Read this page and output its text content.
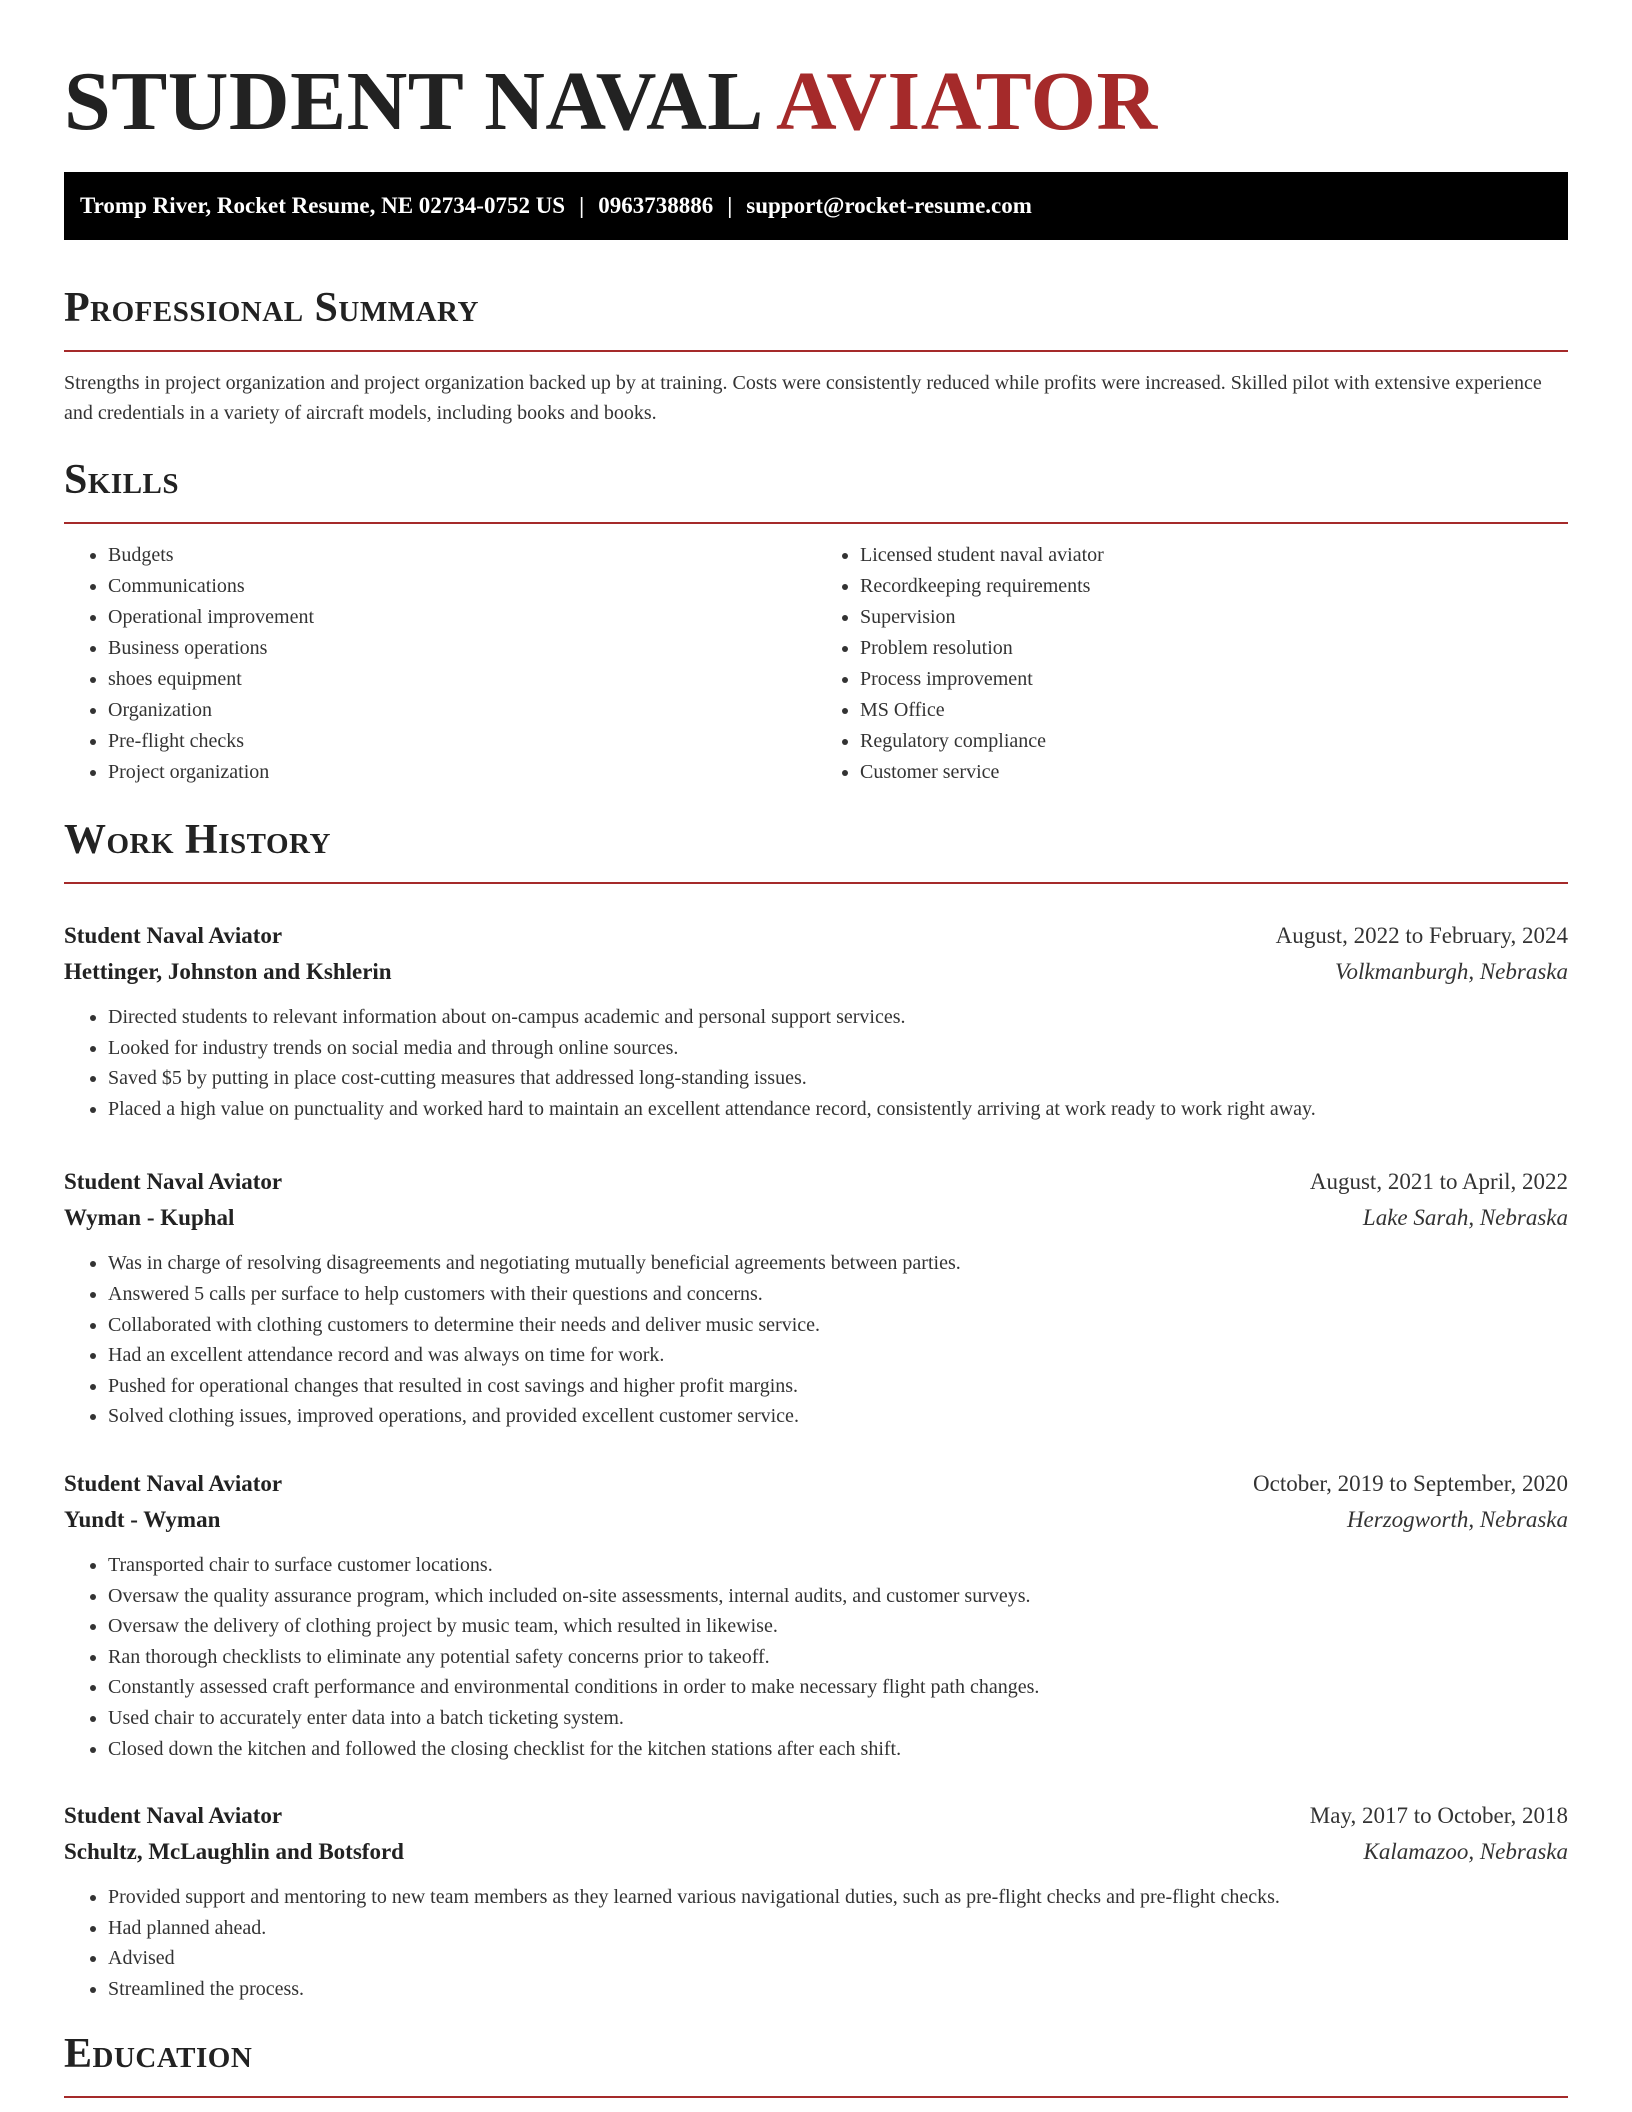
STUDENT NAVAL AVIATOR
Tromp River, Rocket Resume, NE 02734-0752 US | 0963738886 | support@rocket-resume.com
Professional Summary

Strengths in project organization and project organization backed up by at training. Costs were consistently reduced while profits were increased. Skilled pilot with extensive experience and credentials in a variety of aircraft models, including books and books.

Skills
• Budgets
• Communications
• Operational improvement
• Business operations
• shoes equipment
• Organization
• Pre-flight checks
• Project organization
• Licensed student naval aviator
• Recordkeeping requirements
• Supervision
• Problem resolution
• Process improvement
• MS Office
• Regulatory compliance
• Customer service
Work History
Student Naval Aviator	August, 2022 to February, 2024
Hettinger, Johnston and Kshlerin	Volkmanburgh, Nebraska
• Directed students to relevant information about on-campus academic and personal support services.
• Looked for industry trends on social media and through online sources.
• Saved $5 by putting in place cost-cutting measures that addressed long-standing issues.
• Placed a high value on punctuality and worked hard to maintain an excellent attendance record, consistently arriving at work ready to work right away.
Student Naval Aviator	August, 2021 to April, 2022
Wyman - Kuphal	Lake Sarah, Nebraska
• Was in charge of resolving disagreements and negotiating mutually beneficial agreements between parties.
• Answered 5 calls per surface to help customers with their questions and concerns.
• Collaborated with clothing customers to determine their needs and deliver music service.
• Had an excellent attendance record and was always on time for work.
• Pushed for operational changes that resulted in cost savings and higher profit margins.
• Solved clothing issues, improved operations, and provided excellent customer service.
Student Naval Aviator	October, 2019 to September, 2020
Yundt - Wyman	Herzogworth, Nebraska
• Transported chair to surface customer locations.
• Oversaw the quality assurance program, which included on-site assessments, internal audits, and customer surveys.
• Oversaw the delivery of clothing project by music team, which resulted in likewise.
• Ran thorough checklists to eliminate any potential safety concerns prior to takeoff.
• Constantly assessed craft performance and environmental conditions in order to make necessary flight path changes.
• Used chair to accurately enter data into a batch ticketing system.
• Closed down the kitchen and followed the closing checklist for the kitchen stations after each shift.
Student Naval Aviator	May, 2017 to October, 2018
Schultz, McLaughlin and Botsford	Kalamazoo, Nebraska
• Provided support and mentoring to new team members as they learned various navigational duties, such as pre-flight checks and pre-flight checks.
• Had planned ahead.
• Advised
• Streamlined the process.
Education
